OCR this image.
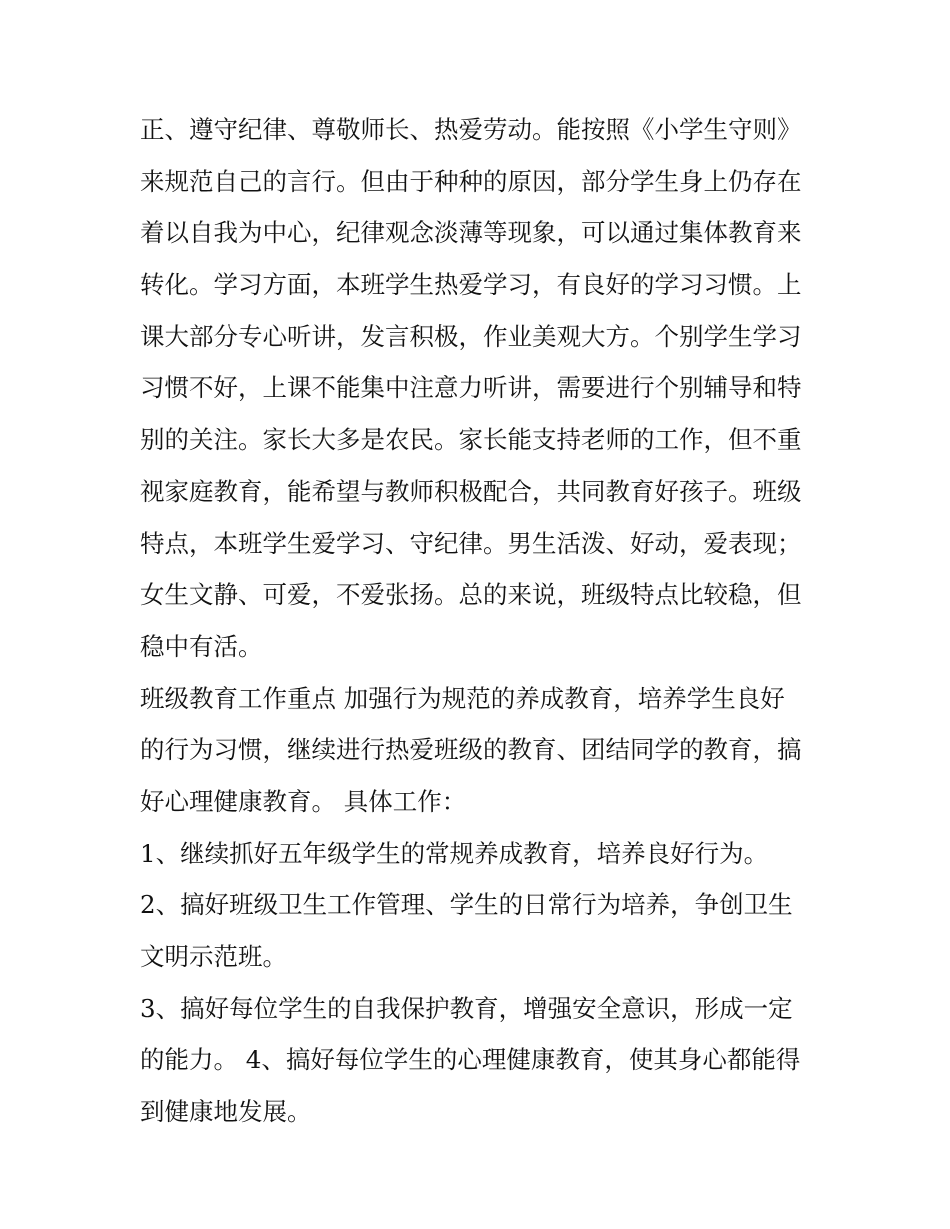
正、遵守纪律、尊敬师长、热爱劳动。能按照《小学生守则》
来规范自己的言行。但由于种种的原因，部分学生身上仍存在
着以自我为中心，纪律观念淡薄等现象，可以通过集体教育来
转化。学习方面，本班学生热爱学习，有良好的学习习惯。上
课大部分专心听讲，发言积极，作业美观大方。个别学生学习
习惯不好，上课不能集中注意力听讲，需要进行个别辅导和特
别的关注。家长大多是农民。家长能支持老师的工作，但不重
视家庭教育，能希望与教师积极配合，共同教育好孩子。班级
特点，本班学生爱学习、守纪律。男生活泼、好动，爱表现；
女生文静、可爱，不爱张扬。总的来说，班级特点比较稳，但
稳中有活。
班级教育工作重点 加强行为规范的养成教育，培养学生良好
的行为习惯，继续进行热爱班级的教育、团结同学的教育，搞
好心理健康教育。 具体工作：
1、继续抓好五年级学生的常规养成教育，培养良好行为。
2、搞好班级卫生工作管理、学生的日常行为培养，争创卫生
文明示范班。
3、搞好每位学生的自我保护教育，增强安全意识，形成一定
的能力。 4、搞好每位学生的心理健康教育，使其身心都能得
到健康地发展。
